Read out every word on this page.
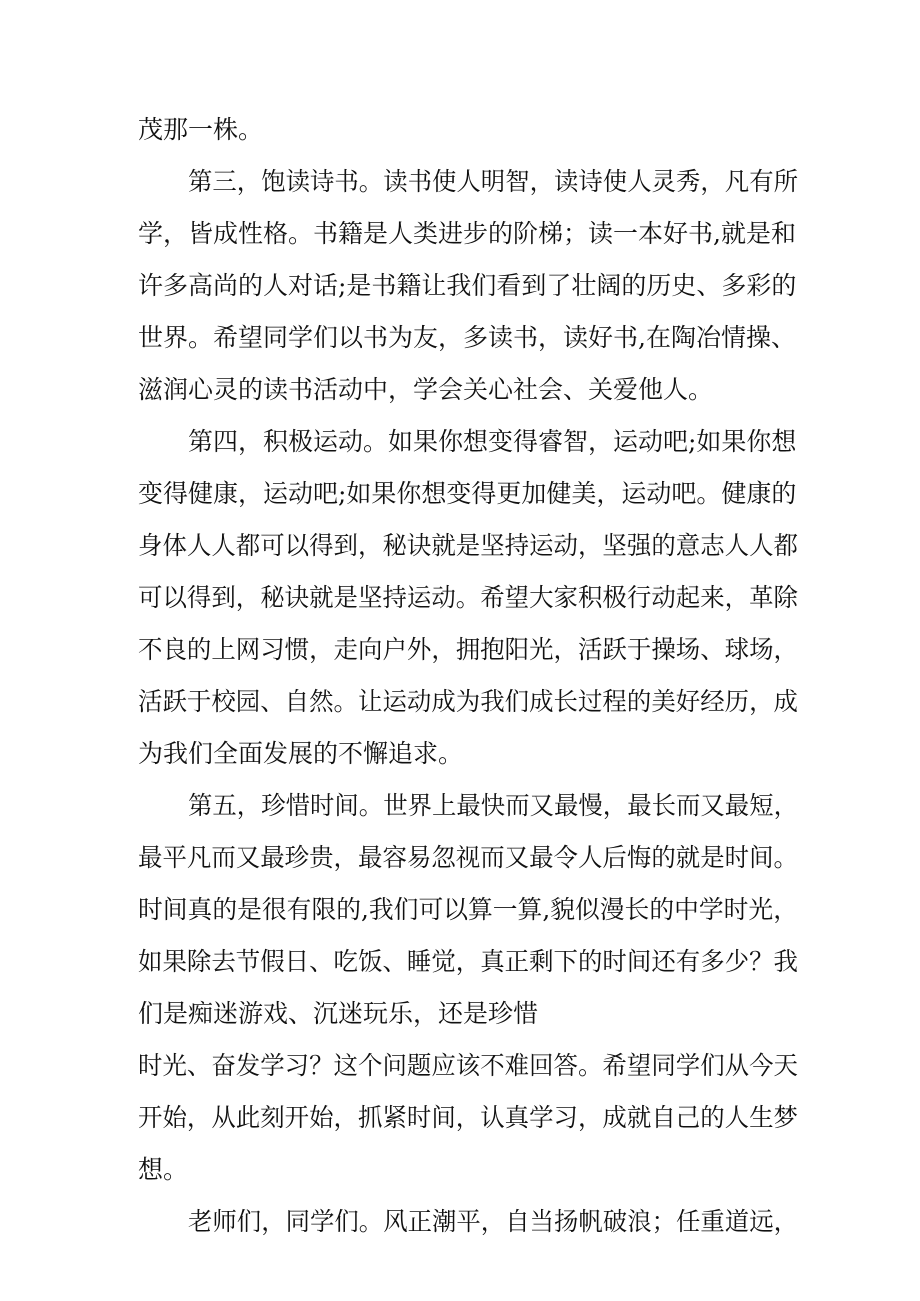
茂那一株。
第三，饱读诗书。读书使人明智，读诗使人灵秀，凡有所
学，皆成性格。书籍是人类进步的阶梯；读一本好书,就是和
许多高尚的人对话;是书籍让我们看到了壮阔的历史、多彩的
世界。希望同学们以书为友，多读书，读好书,在陶冶情操、
滋润心灵的读书活动中，学会关心社会、关爱他人。
第四，积极运动。如果你想变得睿智，运动吧;如果你想
变得健康，运动吧;如果你想变得更加健美，运动吧。健康的
身体人人都可以得到，秘诀就是坚持运动，坚强的意志人人都
可以得到，秘诀就是坚持运动。希望大家积极行动起来，革除
不良的上网习惯，走向户外，拥抱阳光，活跃于操场、球场，
活跃于校园、自然。让运动成为我们成长过程的美好经历，成
为我们全面发展的不懈追求。
第五，珍惜时间。世界上最快而又最慢，最长而又最短，
最平凡而又最珍贵，最容易忽视而又最令人后悔的就是时间。
时间真的是很有限的,我们可以算一算,貌似漫长的中学时光，
如果除去节假日、吃饭、睡觉，真正剩下的时间还有多少？我
们是痴迷游戏、沉迷玩乐，还是珍惜
时光、奋发学习？这个问题应该不难回答。希望同学们从今天
开始，从此刻开始，抓紧时间，认真学习，成就自己的人生梦
想。
老师们，同学们。风正潮平，自当扬帆破浪；任重道远，
